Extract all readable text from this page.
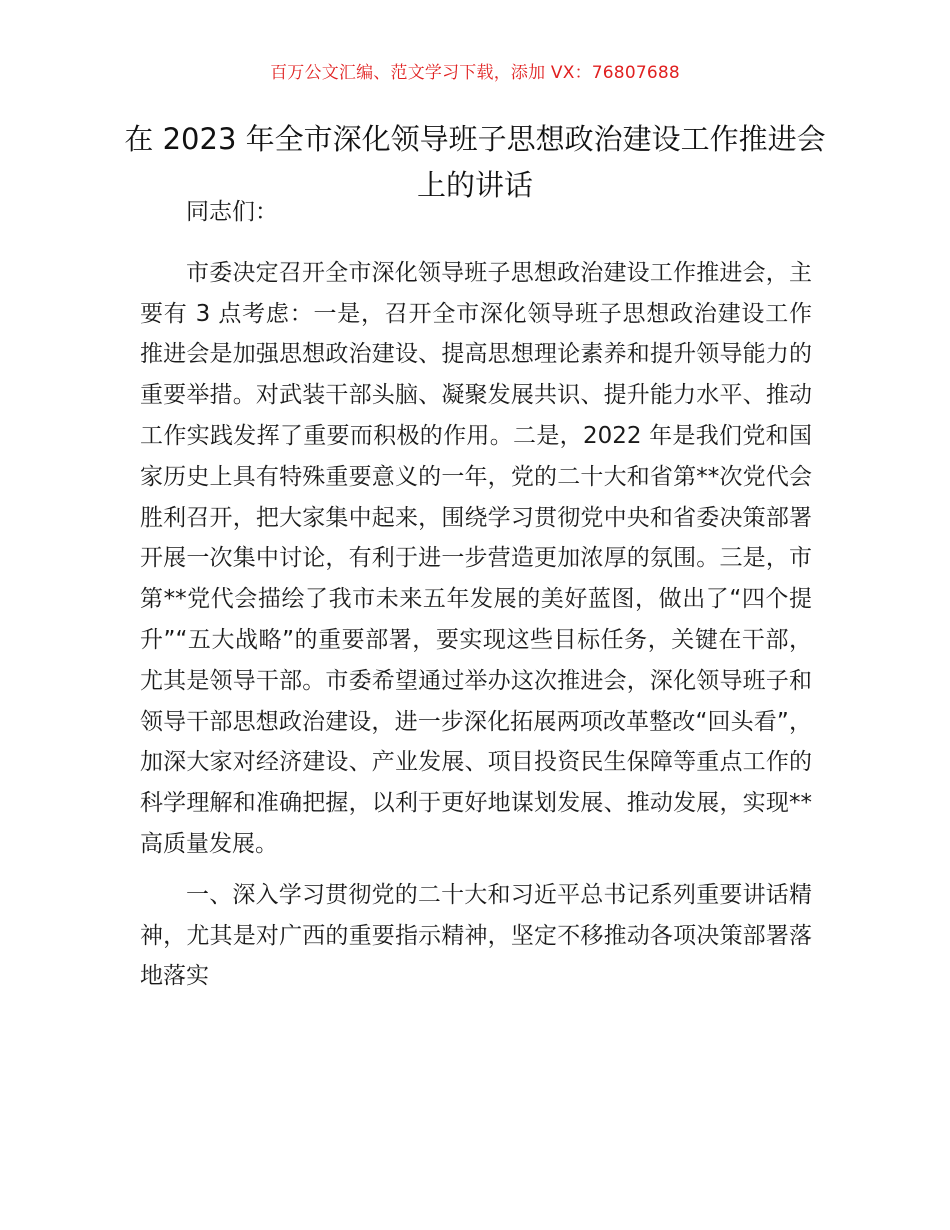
百万公文汇编、范文学习下载，添加 VX：76807688
在 2023 年全市深化领导班子思想政治建设工作推进会上的讲话

同志们：

市委决定召开全市深化领导班子思想政治建设工作推进会，主要有 3 点考虑：一是，召开全市深化领导班子思想政治建设工作推进会是加强思想政治建设、提高思想理论素养和提升领导能力的重要举措。对武装干部头脑、凝聚发展共识、提升能力水平、推动工作实践发挥了重要而积极的作用。二是，2022 年是我们党和国家历史上具有特殊重要意义的一年，党的二十大和省第**次党代会胜利召开，把大家集中起来，围绕学习贯彻党中央和省委决策部署开展一次集中讨论，有利于进一步营造更加浓厚的氛围。三是，市第**党代会描绘了我市未来五年发展的美好蓝图，做出了“四个提升”“五大战略”的重要部署，要实现这些目标任务，关键在干部，尤其是领导干部。市委希望通过举办这次推进会，深化领导班子和领导干部思想政治建设，进一步深化拓展两项改革整改“回头看”，加深大家对经济建设、产业发展、项目投资民生保障等重点工作的科学理解和准确把握，以利于更好地谋划发展、推动发展，实现**高质量发展。

一、深入学习贯彻党的二十大和习近平总书记系列重要讲话精神，尤其是对广西的重要指示精神，坚定不移推动各项决策部署落地落实
